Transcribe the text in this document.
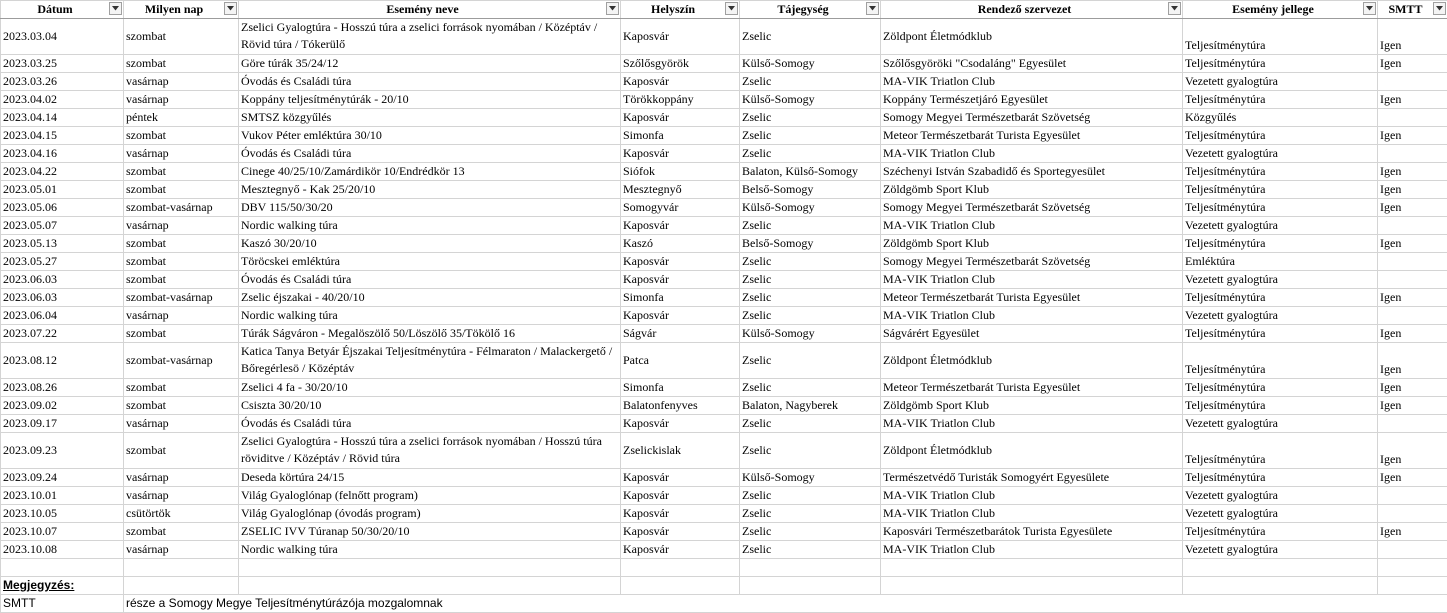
Dátum	Milyen nap	Esemény neve	Helyszín	Tájegység	Rendező szervezet	Esemény jellege	SMTT

2023.03.04	szombat	Zselici Gyalogtúra - Hosszú túra a zselici források nyomában / Középtáv / Rövid túra / Tókerülő	Kaposvár	Zselic	Zöldpont Életmódklub	Teljesítménytúra	Igen
2023.03.25	szombat	Göre túrák 35/24/12	Szőlősgyörök	Külső-Somogy	Szőlősgyöröki "Csodaláng" Egyesület	Teljesítménytúra	Igen
2023.03.26	vasárnap	Óvodás és Családi túra	Kaposvár	Zselic	MA-VIK Triatlon Club	Vezetett gyalogtúra	
2023.04.02	vasárnap	Koppány teljesítménytúrák - 20/10	Törökkoppány	Külső-Somogy	Koppány Természetjáró Egyesület	Teljesítménytúra	Igen
2023.04.14	péntek	SMTSZ közgyűlés	Kaposvár	Zselic	Somogy Megyei Természetbarát Szövetség	Közgyűlés	
2023.04.15	szombat	Vukov Péter emléktúra 30/10	Simonfa	Zselic	Meteor Természetbarát Turista Egyesület	Teljesítménytúra	Igen
2023.04.16	vasárnap	Óvodás és Családi túra	Kaposvár	Zselic	MA-VIK Triatlon Club	Vezetett gyalogtúra	
2023.04.22	szombat	Cinege 40/25/10/Zamárdikör 10/Endrédkör 13	Siófok	Balaton, Külső-Somogy	Széchenyi István Szabadidő és Sportegyesület	Teljesítménytúra	Igen
2023.05.01	szombat	Mesztegnyő - Kak 25/20/10	Mesztegnyő	Belső-Somogy	Zöldgömb Sport Klub	Teljesítménytúra	Igen
2023.05.06	szombat-vasárnap	DBV 115/50/30/20	Somogyvár	Külső-Somogy	Somogy Megyei Természetbarát Szövetség	Teljesítménytúra	Igen
2023.05.07	vasárnap	Nordic walking túra	Kaposvár	Zselic	MA-VIK Triatlon Club	Vezetett gyalogtúra	
2023.05.13	szombat	Kaszó 30/20/10	Kaszó	Belső-Somogy	Zöldgömb Sport Klub	Teljesítménytúra	Igen
2023.05.27	szombat	Töröcskei emléktúra	Kaposvár	Zselic	Somogy Megyei Természetbarát Szövetség	Emléktúra	
2023.06.03	szombat	Óvodás és Családi túra	Kaposvár	Zselic	MA-VIK Triatlon Club	Vezetett gyalogtúra	
2023.06.03	szombat-vasárnap	Zselic éjszakai - 40/20/10	Simonfa	Zselic	Meteor Természetbarát Turista Egyesület	Teljesítménytúra	Igen
2023.06.04	vasárnap	Nordic walking túra	Kaposvár	Zselic	MA-VIK Triatlon Club	Vezetett gyalogtúra	
2023.07.22	szombat	Túrák Ságváron - Megalöszölő 50/Löszölő 35/Tökölő 16	Ságvár	Külső-Somogy	Ságvárért Egyesület	Teljesítménytúra	Igen
2023.08.12	szombat-vasárnap	Katica Tanya Betyár Éjszakai Teljesítménytúra - Félmaraton / Malackergető / Bőregérlesö / Középtáv	Patca	Zselic	Zöldpont Életmódklub	Teljesítménytúra	Igen
2023.08.26	szombat	Zselici 4 fa - 30/20/10	Simonfa	Zselic	Meteor Természetbarát Turista Egyesület	Teljesítménytúra	Igen
2023.09.02	szombat	Csiszta 30/20/10	Balatonfenyves	Balaton, Nagyberek	Zöldgömb Sport Klub	Teljesítménytúra	Igen
2023.09.17	vasárnap	Óvodás és Családi túra	Kaposvár	Zselic	MA-VIK Triatlon Club	Vezetett gyalogtúra	
2023.09.23	szombat	Zselici Gyalogtúra - Hosszú túra a zselici források nyomában / Hosszú túra röviditve / Középtáv / Rövid túra	Zselickislak	Zselic	Zöldpont Életmódklub	Teljesítménytúra	Igen
2023.09.24	vasárnap	Deseda körtúra 24/15	Kaposvár	Külső-Somogy	Természetvédő Turisták Somogyért Egyesülete	Teljesítménytúra	Igen
2023.10.01	vasárnap	Világ Gyaloglónap (felnőtt program)	Kaposvár	Zselic	MA-VIK Triatlon Club	Vezetett gyalogtúra	
2023.10.05	csütörtök	Világ Gyaloglónap (óvodás program)	Kaposvár	Zselic	MA-VIK Triatlon Club	Vezetett gyalogtúra	
2023.10.07	szombat	ZSELIC IVV Túranap 50/30/20/10	Kaposvár	Zselic	Kaposvári Természetbarátok Turista Egyesülete	Teljesítménytúra	Igen
2023.10.08	vasárnap	Nordic walking túra	Kaposvár	Zselic	MA-VIK Triatlon Club	Vezetett gyalogtúra	

Megjegyzés:							
SMTT	része a Somogy Megye Teljesítménytúrázója mozgalomnak						
